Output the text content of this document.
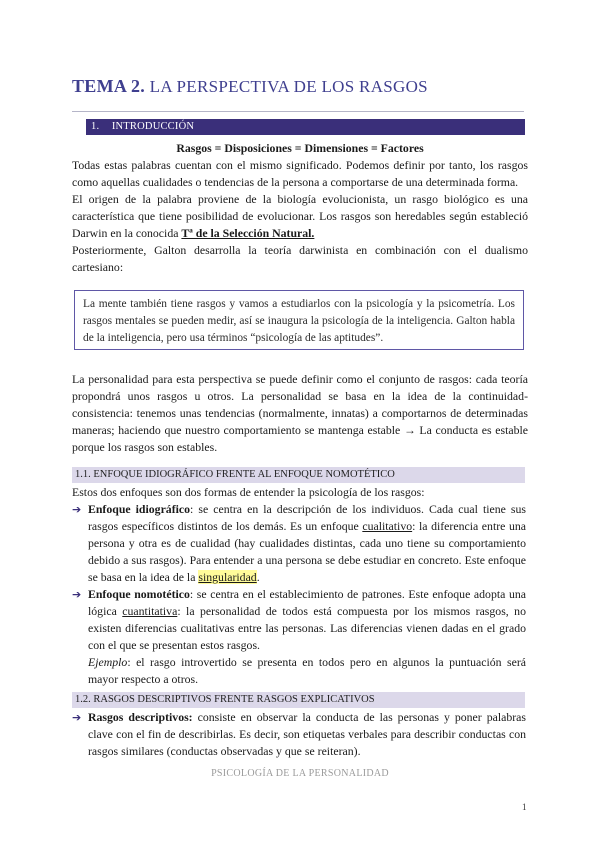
TEMA 2. LA PERSPECTIVA DE LOS RASGOS
1. INTRODUCCIÓN
Rasgos = Disposiciones = Dimensiones = Factores
Todas estas palabras cuentan con el mismo significado. Podemos definir por tanto, los rasgos como aquellas cualidades o tendencias de la persona a comportarse de una determinada forma.
El origen de la palabra proviene de la biología evolucionista, un rasgo biológico es una característica que tiene posibilidad de evolucionar. Los rasgos son heredables según estableció Darwin en la conocida Tª de la Selección Natural.
Posteriormente, Galton desarrolla la teoría darwinista en combinación con el dualismo cartesiano:
La mente también tiene rasgos y vamos a estudiarlos con la psicología y la psicometría. Los rasgos mentales se pueden medir, así se inaugura la psicología de la inteligencia. Galton habla de la inteligencia, pero usa términos “psicología de las aptitudes”.
La personalidad para esta perspectiva se puede definir como el conjunto de rasgos: cada teoría propondrá unos rasgos u otros. La personalidad se basa en la idea de la continuidad-consistencia: tenemos unas tendencias (normalmente, innatas) a comportarnos de determinadas maneras; haciendo que nuestro comportamiento se mantenga estable → La conducta es estable porque los rasgos son estables.
1.1. ENFOQUE IDIOGRÁFICO FRENTE AL ENFOQUE NOMOTÉTICO
Estos dos enfoques son dos formas de entender la psicología de los rasgos:
➔ Enfoque idiográfico: se centra en la descripción de los individuos. Cada cual tiene sus rasgos específicos distintos de los demás. Es un enfoque cualitativo: la diferencia entre una persona y otra es de cualidad (hay cualidades distintas, cada uno tiene su comportamiento debido a sus rasgos). Para entender a una persona se debe estudiar en concreto. Este enfoque se basa en la idea de la singularidad.
➔ Enfoque nomotético: se centra en el establecimiento de patrones. Este enfoque adopta una lógica cuantitativa: la personalidad de todos está compuesta por los mismos rasgos, no existen diferencias cualitativas entre las personas. Las diferencias vienen dadas en el grado con el que se presentan estos rasgos.
Ejemplo: el rasgo introvertido se presenta en todos pero en algunos la puntuación será mayor respecto a otros.
1.2. RASGOS DESCRIPTIVOS FRENTE RASGOS EXPLICATIVOS
➔ Rasgos descriptivos: consiste en observar la conducta de las personas y poner palabras clave con el fin de describirlas. Es decir, son etiquetas verbales para describir conductas con rasgos similares (conductas observadas y que se reiteran).
PSICOLOGÍA DE LA PERSONALIDAD
1
